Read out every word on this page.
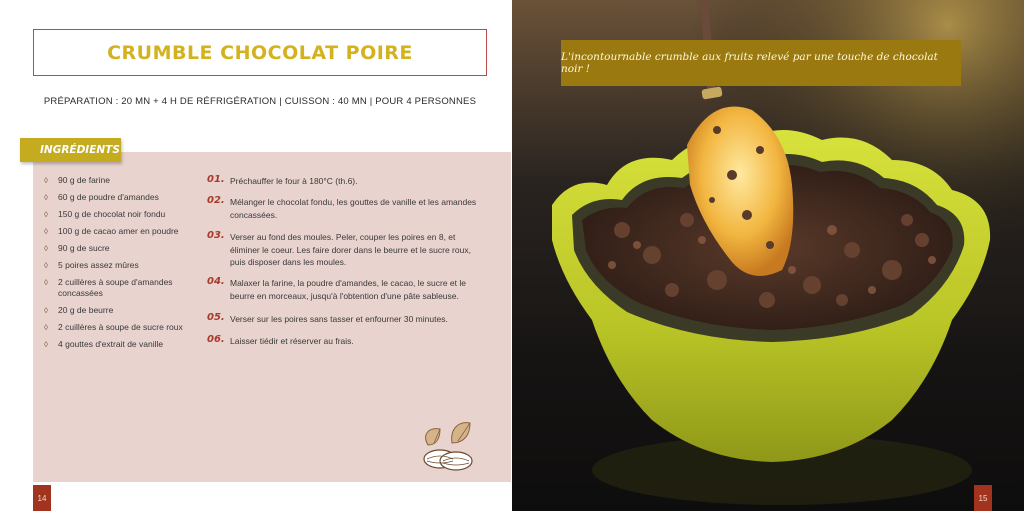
CRUMBLE CHOCOLAT POIRE
PRÉPARATION : 20 MN + 4 H DE RÉFRIGÉRATION | CUISSON : 40 MN | POUR 4 PERSONNES
INGRÉDIENTS
◊ 90 g de farine
◊ 60 g de poudre d'amandes
◊ 150 g de chocolat noir fondu
◊ 100 g de cacao amer en poudre
◊ 90 g de sucre
◊ 5 poires assez mûres
◊ 2 cuillères à soupe d'amandes concassées
◊ 20 g de beurre
◊ 2 cuillères à soupe de sucre roux
◊ 4 gouttes d'extrait de vanille
01. Préchauffer le four à 180°C (th.6).
02. Mélanger le chocolat fondu, les gouttes de vanille et les amandes concassées.
03. Verser au fond des moules. Peler, couper les poires en 8, et éliminer le coeur. Les faire dorer dans le beurre et le sucre roux, puis disposer dans les moules.
04. Malaxer la farine, la poudre d'amandes, le cacao, le sucre et le beurre en morceaux, jusqu'à l'obtention d'une pâte sableuse.
05. Verser sur les poires sans tasser et enfourner 30 minutes.
06. Laisser tiédir et réserver au frais.
14
L'incontournable crumble aux fruits relevé par une touche de chocolat noir !
15
